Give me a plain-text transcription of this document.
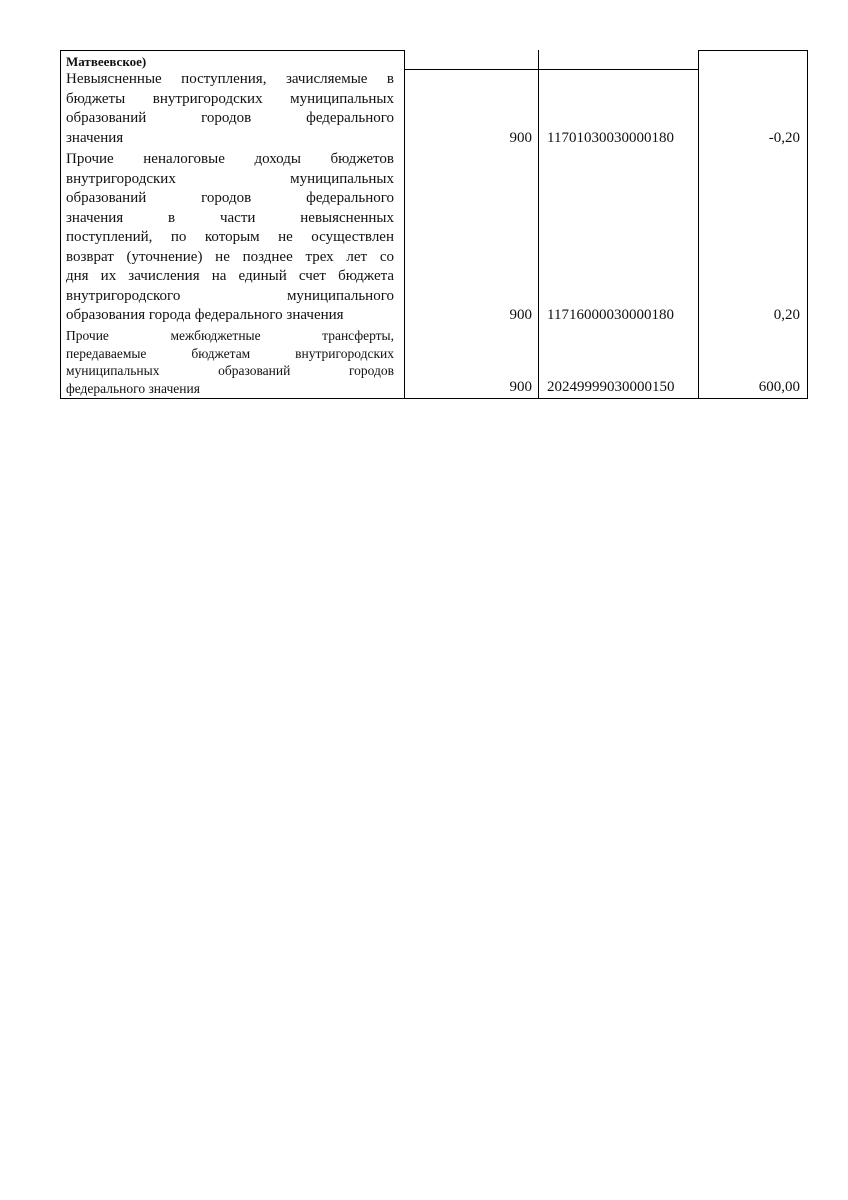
Матвеевское)
Невыясненные поступления, зачисляемые в
бюджеты внутригородских муниципальных
образований городов федерального
значения	900 11701030030000180	-0,20
Прочие неналоговые доходы бюджетов
внутригородских муниципальных
образований городов федерального
значения в части невыясненных
поступлений, по которым не осуществлен
возврат (уточнение) не позднее трех лет со
дня их зачисления на единый счет бюджета
внутригородского муниципального
образования города федерального значения	900 11716000030000180	0,20
Прочие межбюджетные трансферты,
передаваемые бюджетам внутригородских
муниципальных образований городов
федерального значения	900 20249999030000150	600,00
